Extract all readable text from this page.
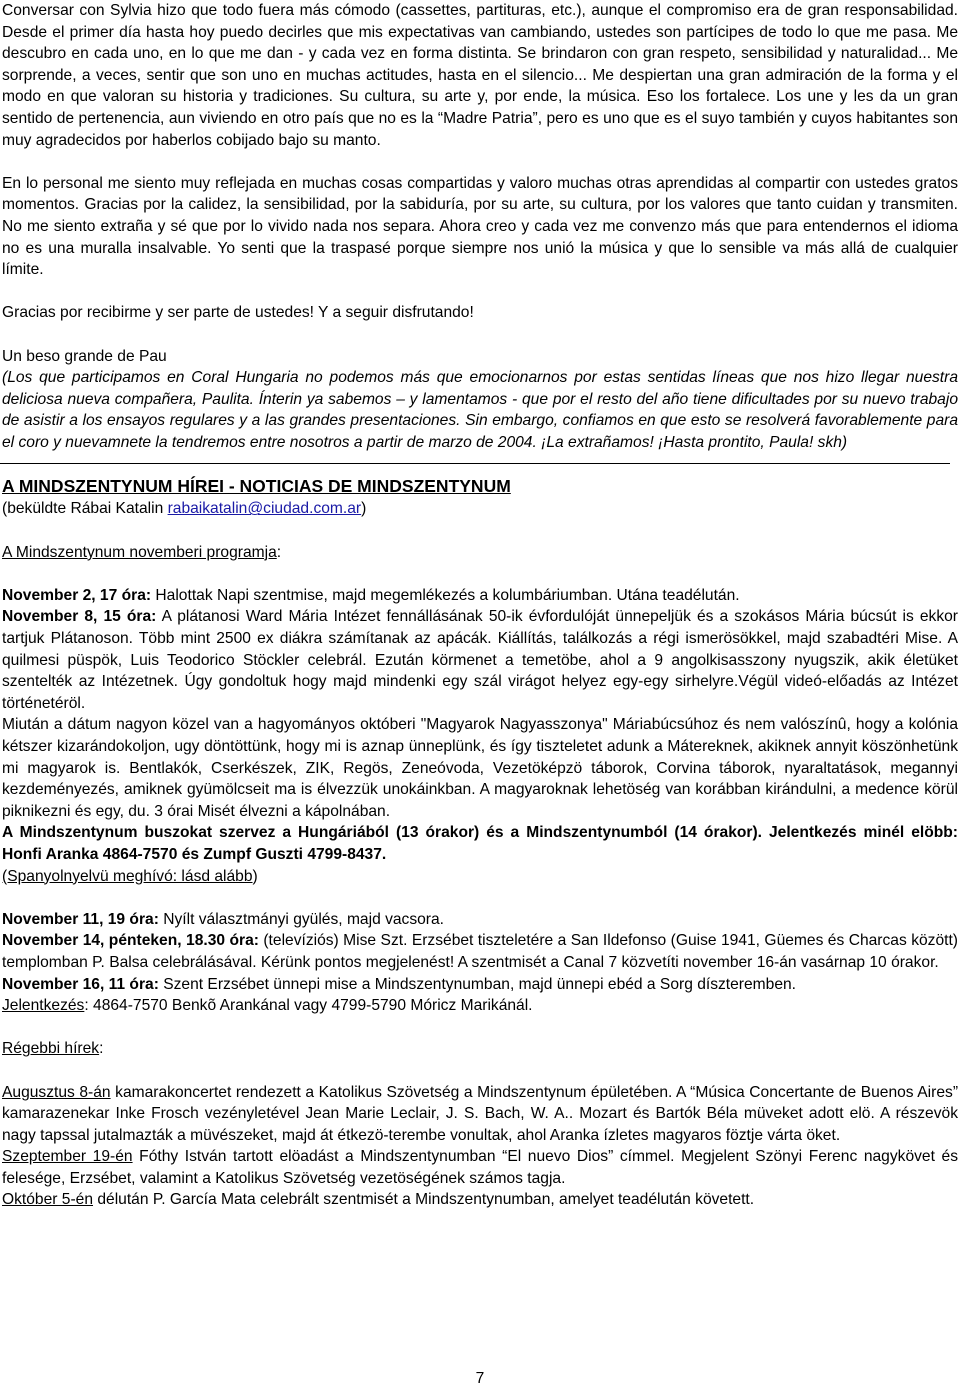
Conversar con Sylvia hizo que todo fuera más cómodo (cassettes, partituras, etc.), aunque el compromiso era de gran responsabilidad. Desde el primer día hasta hoy puedo decirles que mis expectativas van cambiando, ustedes son partícipes de todo lo que me pasa. Me descubro en cada uno, en lo que me dan - y cada vez en forma distinta. Se brindaron con gran respeto, sensibilidad y naturalidad... Me sorprende, a veces, sentir que son uno en muchas actitudes, hasta en el silencio... Me despiertan una gran admiración de la forma y el modo en que valoran su historia y tradiciones. Su cultura, su arte y, por ende, la música. Eso los fortalece. Los une y les da un gran sentido de pertenencia, aun viviendo en otro país que no es la “Madre Patria”, pero es uno que es el suyo también y cuyos habitantes son muy agradecidos por haberlos cobijado bajo su manto.

En lo personal me siento muy reflejada en muchas cosas compartidas y valoro muchas otras aprendidas al compartir con ustedes gratos momentos. Gracias por la calidez, la sensibilidad, por la sabiduría, por su arte, su cultura, por los valores que tanto cuidan y transmiten. No me siento extraña y sé que por lo vivido nada nos separa. Ahora creo y cada vez me convenzo más que para entendernos el idioma no es una muralla insalvable. Yo senti que la traspasé porque siempre nos unió la música y que lo sensible va más allá de cualquier límite.

Gracias por recibirme y ser parte de ustedes! Y a seguir disfrutando!

Un beso grande de Pau

(Los que participamos en Coral Hungaria no podemos más que emocionarnos por estas sentidas líneas que nos hizo llegar nuestra deliciosa nueva compañera, Paulita. Ínterin ya sabemos – y lamentamos - que por el resto del año tiene dificultades por su nuevo trabajo de asistir a los ensayos regulares y a las grandes presentaciones. Sin embargo, confiamos en que esto se resolverá favorablemente para el coro y nuevamnete la tendremos entre nosotros a partir de marzo de 2004. ¡La extrañamos! ¡Hasta prontito, Paula! skh)

A MINDSZENTYNUM HÍREI - NOTICIAS DE MINDSZENTYNUM

(beküldte Rábai Katalin rabaikatalin@ciudad.com.ar)

A Mindszentynum novemberi programja:

November 2, 17 óra: Halottak Napi szentmise, majd megemlékezés a kolumbáriumban. Utána teadélután.

November 8, 15 óra: A plátanosi Ward Mária Intézet fennállásának 50-ik évfordulóját ünnepeljük és a szokásos Mária búcsút is ekkor tartjuk Plátanoson. Több mint 2500 ex diákra számítanak az apácák. Kiállítás, találkozás a régi ismerösökkel, majd szabadtéri Mise. A quilmesi püspök, Luis Teodorico Stöckler celebrál. Ezután körmenet a temetöbe, ahol a 9 angolkisasszony nyugszik, akik életüket szentelték az Intézetnek. Úgy gondoltuk hogy majd mindenki egy szál virágot helyez egy-egy sirhelyre.Végül videó-előadás az Intézet történetéröl.

Miután a dátum nagyon közel van a hagyományos októberi "Magyarok Nagyasszonya" Máriabúcsúhoz és nem valószínû, hogy a kolónia kétszer kizarándokoljon, ugy döntöttünk, hogy mi is aznap ünneplünk, és így tiszteletet adunk a Mátereknek, akiknek annyit köszönhetünk mi magyarok is. Bentlakók, Cserkészek, ZIK, Regös, Zeneóvoda, Vezetöképzö táborok, Corvina táborok, nyaraltatások, megannyi kezdeményezés, amiknek gyümölcseit ma is élvezzük unokáinkban. A magyaroknak lehetöség van korábban kirándulni, a medence körül piknikezni és egy, du. 3 órai Misét élvezni a kápolnában.

A Mindszentynum buszokat szervez a Hungáriából (13 órakor) és a Mindszentynumból (14 órakor). Jelentkezés minél elöbb: Honfi Aranka 4864-7570 és Zumpf Guszti 4799-8437.

(Spanyolnyelvü meghívó: lásd alább)

November 11, 19 óra: Nyílt választmányi gyülés, majd vacsora.

November 14, pénteken, 18.30 óra: (televíziós) Mise Szt. Erzsébet tiszteletére a San Ildefonso (Guise 1941, Güemes és Charcas között) templomban P. Balsa celebrálásával. Kérünk pontos megjelenést! A szentmisét a Canal 7 közvetíti november 16-án vasárnap 10 órakor.

November 16, 11 óra: Szent Erzsébet ünnepi mise a Mindszentynumban, majd ünnepi ebéd a Sorg díszteremben.

Jelentkezés: 4864-7570 Benkõ Arankánal vagy 4799-5790 Móricz Marikánál.

Régebbi hírek:

Augusztus 8-án kamarakoncertet rendezett a Katolikus Szövetség a Mindszentynum épületében. A “Música Concertante de Buenos Aires” kamarazenekar Inke Frosch vezényletével Jean Marie Leclair, J. S. Bach, W. A.. Mozart és Bartók Béla müveket adott elö. A részevök nagy tapssal jutalmazták a müvészeket, majd át étkezö-terembe vonultak, ahol Aranka ízletes magyaros föztje várta öket.

Szeptember 19-én Fóthy István tartott elöadást a Mindszentynumban “El nuevo Dios” címmel. Megjelent Szönyi Ferenc nagykövet és felesége, Erzsébet, valamint a Katolikus Szövetség vezetöségének számos tagja.

Október 5-én délután P. García Mata celebrált szentmisét a Mindszentynumban, amelyet teadélután követett.

7
